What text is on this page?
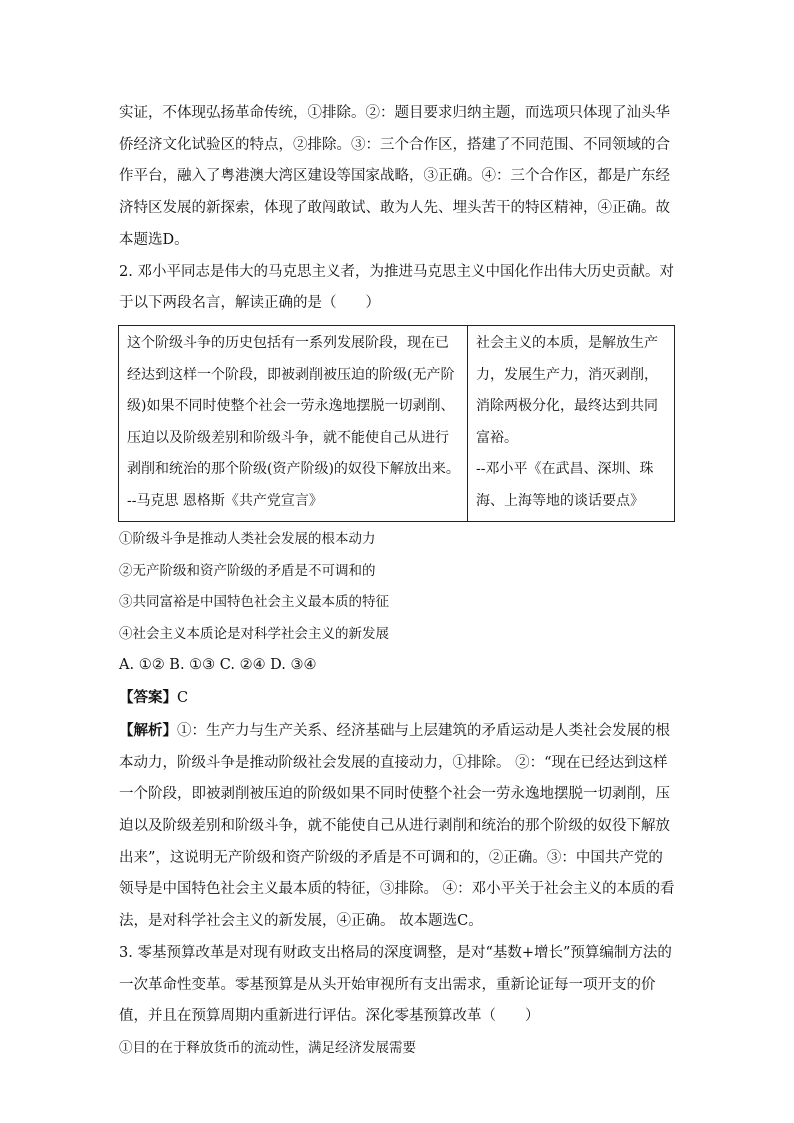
实证，不体现弘扬革命传统，①排除。②：题目要求归纳主题，而选项只体现了汕头华侨经济文化试验区的特点，②排除。③：三个合作区，搭建了不同范围、不同领域的合作平台，融入了粤港澳大湾区建设等国家战略，③正确。④：三个合作区，都是广东经济特区发展的新探索，体现了敢闯敢试、敢为人先、埋头苦干的特区精神，④正确。故本题选D。

2. 邓小平同志是伟大的马克思主义者，为推进马克思主义中国化作出伟大历史贡献。对于以下两段名言，解读正确的是（　　）

这个阶级斗争的历史包括有一系列发展阶段，现在已经达到这样一个阶段，即被剥削被压迫的阶级(无产阶级)如果不同时使整个社会一劳永逸地摆脱一切剥削、压迫以及阶级差别和阶级斗争，就不能使自己从进行剥削和统治的那个阶级(资产阶级)的奴役下解放出来。
--马克思 恩格斯《共产党宣言》

社会主义的本质，是解放生产力，发展生产力，消灭剥削，消除两极分化，最终达到共同富裕。
--邓小平《在武昌、深圳、珠海、上海等地的谈话要点》

①阶级斗争是推动人类社会发展的根本动力

②无产阶级和资产阶级的矛盾是不可调和的

③共同富裕是中国特色社会主义最本质的特征

④社会主义本质论是对科学社会主义的新发展

A. ①② B. ①③ C. ②④ D. ③④

【答案】C

【解析】①：生产力与生产关系、经济基础与上层建筑的矛盾运动是人类社会发展的根本动力，阶级斗争是推动阶级社会发展的直接动力，①排除。 ②：“现在已经达到这样一个阶段，即被剥削被压迫的阶级如果不同时使整个社会一劳永逸地摆脱一切剥削，压迫以及阶级差别和阶级斗争，就不能使自己从进行剥削和统治的那个阶级的奴役下解放出来”，这说明无产阶级和资产阶级的矛盾是不可调和的，②正确。③：中国共产党的领导是中国特色社会主义最本质的特征，③排除。 ④：邓小平关于社会主义的本质的看法，是对科学社会主义的新发展，④正确。 故本题选C。

3. 零基预算改革是对现有财政支出格局的深度调整，是对“基数+增长”预算编制方法的一次革命性变革。零基预算是从头开始审视所有支出需求，重新论证每一项开支的价值，并且在预算周期内重新进行评估。深化零基预算改革（　　）

①目的在于释放货币的流动性，满足经济发展需要
